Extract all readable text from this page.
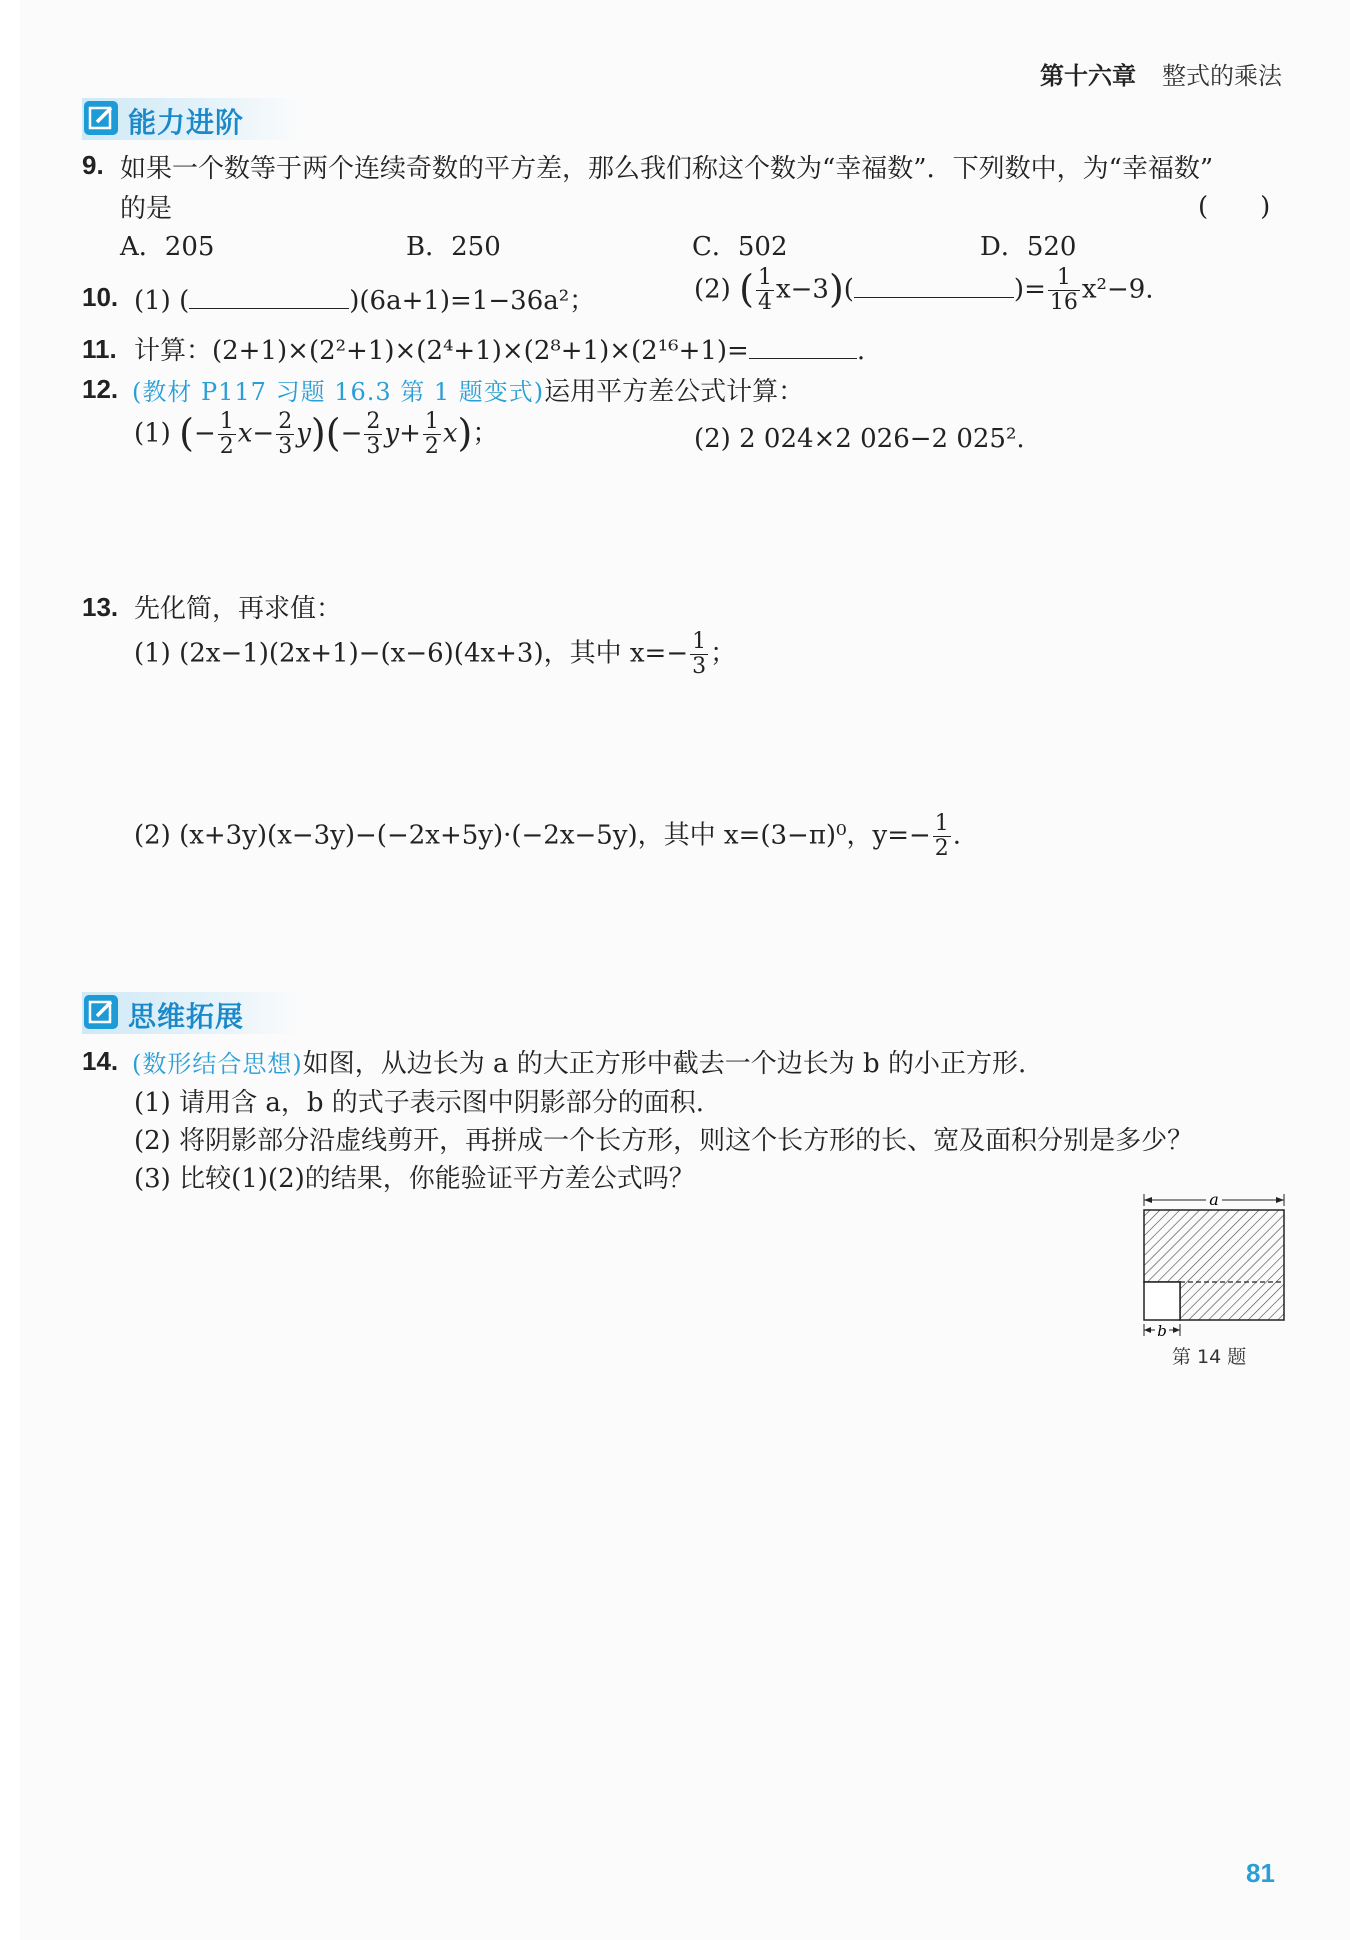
第十六章 整式的乘法
能力进阶
9. 如果一个数等于两个连续奇数的平方差，那么我们称这个数为“幸福数”．下列数中，为“幸福数”
的是	(　　)
A．205	B．250	C．502	D．520
10. (1) (	)(6a+1)=1−36a²；	(2) ( $\frac{1}{4} x-3$)(	)= $\frac{1}{16} x^2-9$.
11. 计算：(2+1)×(2²+1)×(2⁴+1)×(2⁸+1)×(2¹⁶+1)=	.
12. (教材 P117 习题 16.3 第 1 题变式)运用平方差公式计算：
(1) (− $\frac{1}{2} x- \frac{2}{3} y)(- \frac{2}{3} y+ \frac{1}{2} x)$；	(2) 2 024×2 026−2 025².
13. 先化简，再求值：
(1) (2x−1)(2x+1)−(x−6)(4x+3)，其中 $x=- \frac{1}{3}$ ；
(2) (x+3y)(x−3y)−(−2x+5y)·(−2x−5y)，其中 x=(3−π)⁰，$y=- \frac{1}{2}$ .
思维拓展
14. (数形结合思想)如图，从边长为 a 的大正方形中截去一个边长为 b 的小正方形.
(1) 请用含 a，b 的式子表示图中阴影部分的面积.
(2) 将阴影部分沿虚线剪开，再拼成一个长方形，则这个长方形的长、宽及面积分别是多少？
(3) 比较(1)(2)的结果，你能验证平方差公式吗？
a
b
第 14 题
81
